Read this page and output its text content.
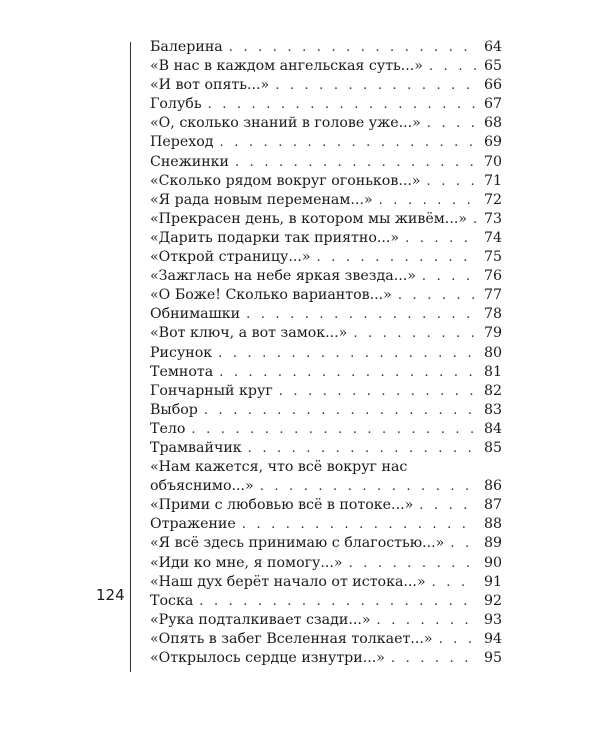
124
Балерина . . .	64
«В нас в каждом ангельская суть...» . . .	65
«И вот опять...» . . .	66
Голубь . . .	67
«О, сколько знаний в голове уже...» . . .	68
Переход . . .	69
Снежинки . . .	70
«Сколько рядом вокруг огоньков...» . . .	71
«Я рада новым переменам...» . . .	72
«Прекрасен день, в котором мы живём...» . . . 73
«Дарить подарки так приятно...» . . .	74
«Открой страницу...» . . .	75
«Зажглась на небе яркая звезда...» . . .	76
«О Боже! Сколько вариантов...» . . .	77
Обнимашки . . .	78
«Вот ключ, а вот замок...» . . .	79
Рисунок . . .	80
Темнота . . .	81
Гончарный круг . . .	82
Выбор . . .	83
Тело . . .	84
Трамвайчик . . .	85
«Нам кажется, что всё вокруг нас
объяснимо...» . . .	86
«Прими с любовью всё в потоке...» . . .	87
Отражение . . .	88
«Я всё здесь принимаю с благостью...» . . .	89
«Иди ко мне, я помогу...» . . .	90
«Наш дух берёт начало от истока...» . . .	91
Тоска . . .	92
«Рука подталкивает сзади...» . . .	93
«Опять в забег Вселенная толкает...» . . .	94
«Открылось сердце изнутри...» . . .	95
